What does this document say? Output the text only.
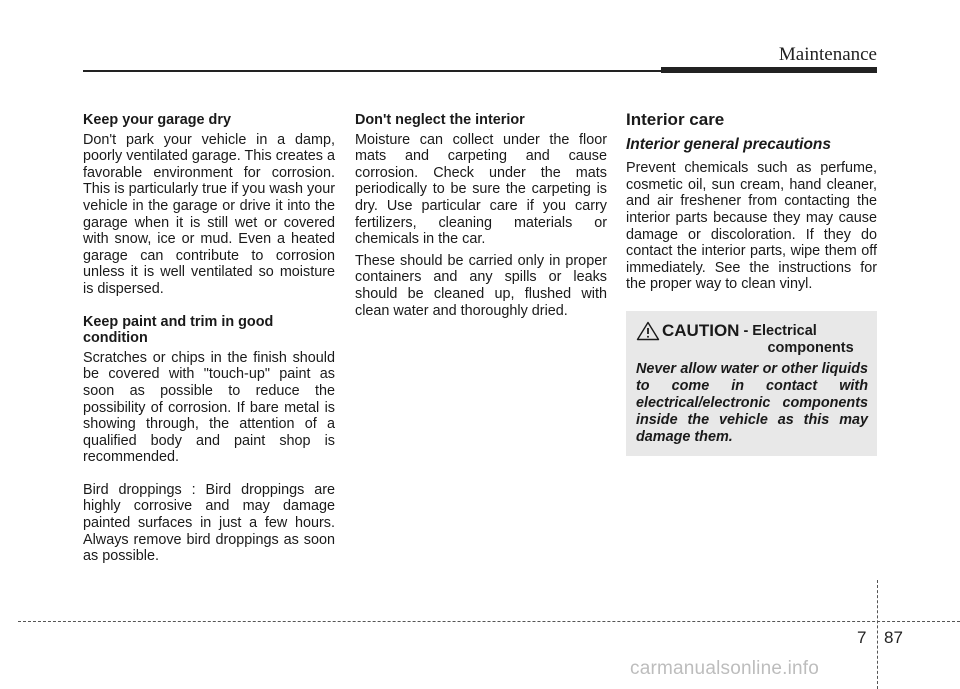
Maintenance

Keep your garage dry

Don't park your vehicle in a damp, poorly ventilated garage. This creates a favorable environment for corrosion. This is particularly true if you wash your vehicle in the garage or drive it into the garage when it is still wet or covered with snow, ice or mud. Even a heated garage can contribute to corrosion unless it is well ventilated so moisture is dispersed.

Keep paint and trim in good condition

Scratches or chips in the finish should be covered with "touch-up" paint as soon as possible to reduce the possibility of corrosion. If bare metal is showing through, the attention of a qualified body and paint shop is recommended.

Bird droppings : Bird droppings are highly corrosive and may damage painted surfaces in just a few hours. Always remove bird droppings as soon as possible.

Don't neglect the interior

Moisture can collect under the floor mats and carpeting and cause corrosion. Check under the mats periodically to be sure the carpeting is dry. Use particular care if you carry fertilizers, cleaning materials or chemicals in the car.

These should be carried only in proper containers and any spills or leaks should be cleaned up, flushed with clean water and thoroughly dried.

Interior care
Interior general precautions

Prevent chemicals such as perfume, cosmetic oil, sun cream, hand cleaner, and air freshener from contacting the interior parts because they may cause damage or discoloration. If they do contact the interior parts, wipe them off immediately. See the instructions for the proper way to clean vinyl.

CAUTION - Electrical
components
Never allow water or other liquids to come in contact with electrical/electronic components inside the vehicle as this may damage them.
7 87
carmanualsonline.info
